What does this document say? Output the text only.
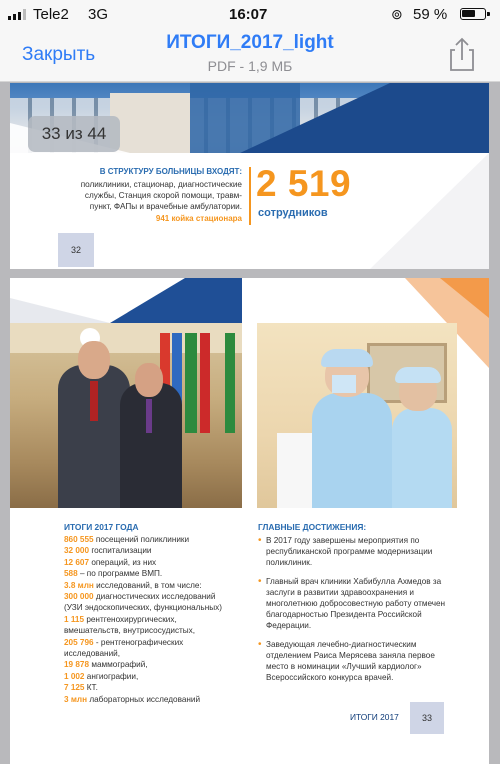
Tele2 3G	16:07	⊚ 59 %
Закрыть
ИТОГИ_2017_light
PDF - 1,9 МБ
33 из 44
В СТРУКТУРУ БОЛЬНИЦЫ ВХОДЯТ:
поликлиники, стационар, диагностические
службы, Станция скорой помощи, травм-
пункт, ФАПы и врачебные амбулатории.
941 койка стационара
2 519
сотрудников
32
ИТОГИ 2017 ГОДА
860 555 посещений поликлиники
32 000 госпитализации
12 607 операций, из них
588 – по программе ВМП.
3.8 млн исследований, в том числе:
300 000 диагностических исследований
(УЗИ эндоскопических, функциональных)
1 115 рентгенохирургических,
вмешательств, внутрисосудистых,
205 796 - рентгенографических
исследований,
19 878 маммографий,
1 002 ангиографии,
7 125 КТ.
3 млн лабораторных исследований
ГЛАВНЫЕ ДОСТИЖЕНИЯ:
• В 2017 году завершены мероприятия по республиканской программе модернизации поликлиник.
• Главный врач клиники Хабибулла Ахмедов за заслуги в развитии здравоохранения и многолетнюю добросовестную работу отмечен благодарностью Президента Российской Федерации.
• Заведующая лечебно-диагностическим отделением Раиса Мерясева заняла первое место в номинации «Лучший кардиолог» Всероссийского конкурса врачей.
ИТОГИ 2017	33
